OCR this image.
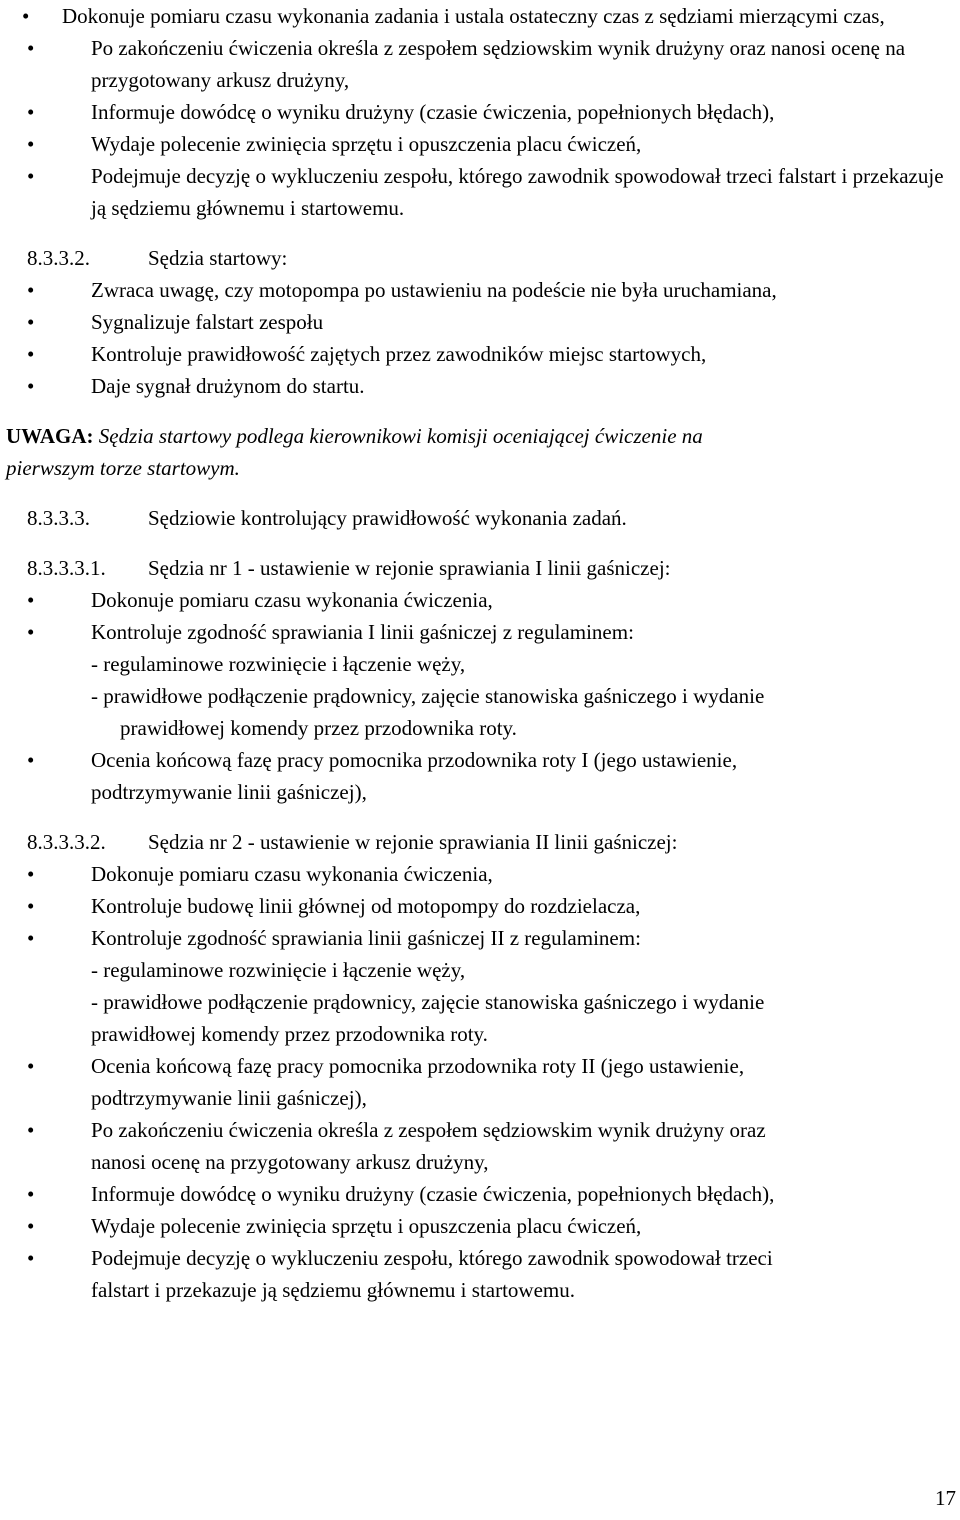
•	Dokonuje pomiaru czasu wykonania zadania i ustala ostateczny czas z sędziami mierzącymi czas,
•	Po zakończeniu ćwiczenia określa z zespołem sędziowskim wynik drużyny oraz nanosi ocenę na przygotowany arkusz drużyny,
•	Informuje dowódcę o wyniku drużyny (czasie ćwiczenia, popełnionych błędach),
•	Wydaje polecenie zwinięcia sprzętu i opuszczenia placu ćwiczeń,
•	Podejmuje decyzję o wykluczeniu zespołu, którego zawodnik spowodował trzeci falstart i przekazuje ją sędziemu głównemu i startowemu.
8.3.3.2.	Sędzia startowy:
•	Zwraca uwagę, czy motopompa po ustawieniu na podeście nie była uruchamiana,
•	Sygnalizuje falstart zespołu
•	Kontroluje prawidłowość zajętych przez zawodników miejsc startowych,
•	Daje sygnał drużynom do startu.
UWAGA: Sędzia startowy podlega kierownikowi komisji oceniającej ćwiczenie na
pierwszym torze startowym.
8.3.3.3.	Sędziowie kontrolujący prawidłowość wykonania zadań.
8.3.3.3.1. Sędzia nr 1 - ustawienie w rejonie sprawiania I linii gaśniczej:
•	Dokonuje pomiaru czasu wykonania ćwiczenia,
•	Kontroluje zgodność sprawiania I linii gaśniczej z regulaminem:
- regulaminowe rozwinięcie i łączenie węży,
- prawidłowe podłączenie prądownicy, zajęcie stanowiska gaśniczego i wydanie
prawidłowej komendy przez przodownika roty.
•	Ocenia końcową fazę pracy pomocnika przodownika roty I (jego ustawienie,
podtrzymywanie linii gaśniczej),
8.3.3.3.2. Sędzia nr 2 - ustawienie w rejonie sprawiania II linii gaśniczej:
•	Dokonuje pomiaru czasu wykonania ćwiczenia,
•	Kontroluje budowę linii głównej od motopompy do rozdzielacza,
•	Kontroluje zgodność sprawiania linii gaśniczej II z regulaminem:
- regulaminowe rozwinięcie i łączenie węży,
- prawidłowe podłączenie prądownicy, zajęcie stanowiska gaśniczego i wydanie
prawidłowej komendy przez przodownika roty.
•	Ocenia końcową fazę pracy pomocnika przodownika roty II (jego ustawienie,
podtrzymywanie linii gaśniczej),
•	Po zakończeniu ćwiczenia określa z zespołem sędziowskim wynik drużyny oraz
nanosi ocenę na przygotowany arkusz drużyny,
•	Informuje dowódcę o wyniku drużyny (czasie ćwiczenia, popełnionych błędach),
•	Wydaje polecenie zwinięcia sprzętu i opuszczenia placu ćwiczeń,
•	Podejmuje decyzję o wykluczeniu zespołu, którego zawodnik spowodował trzeci
falstart i przekazuje ją sędziemu głównemu i startowemu.
17
